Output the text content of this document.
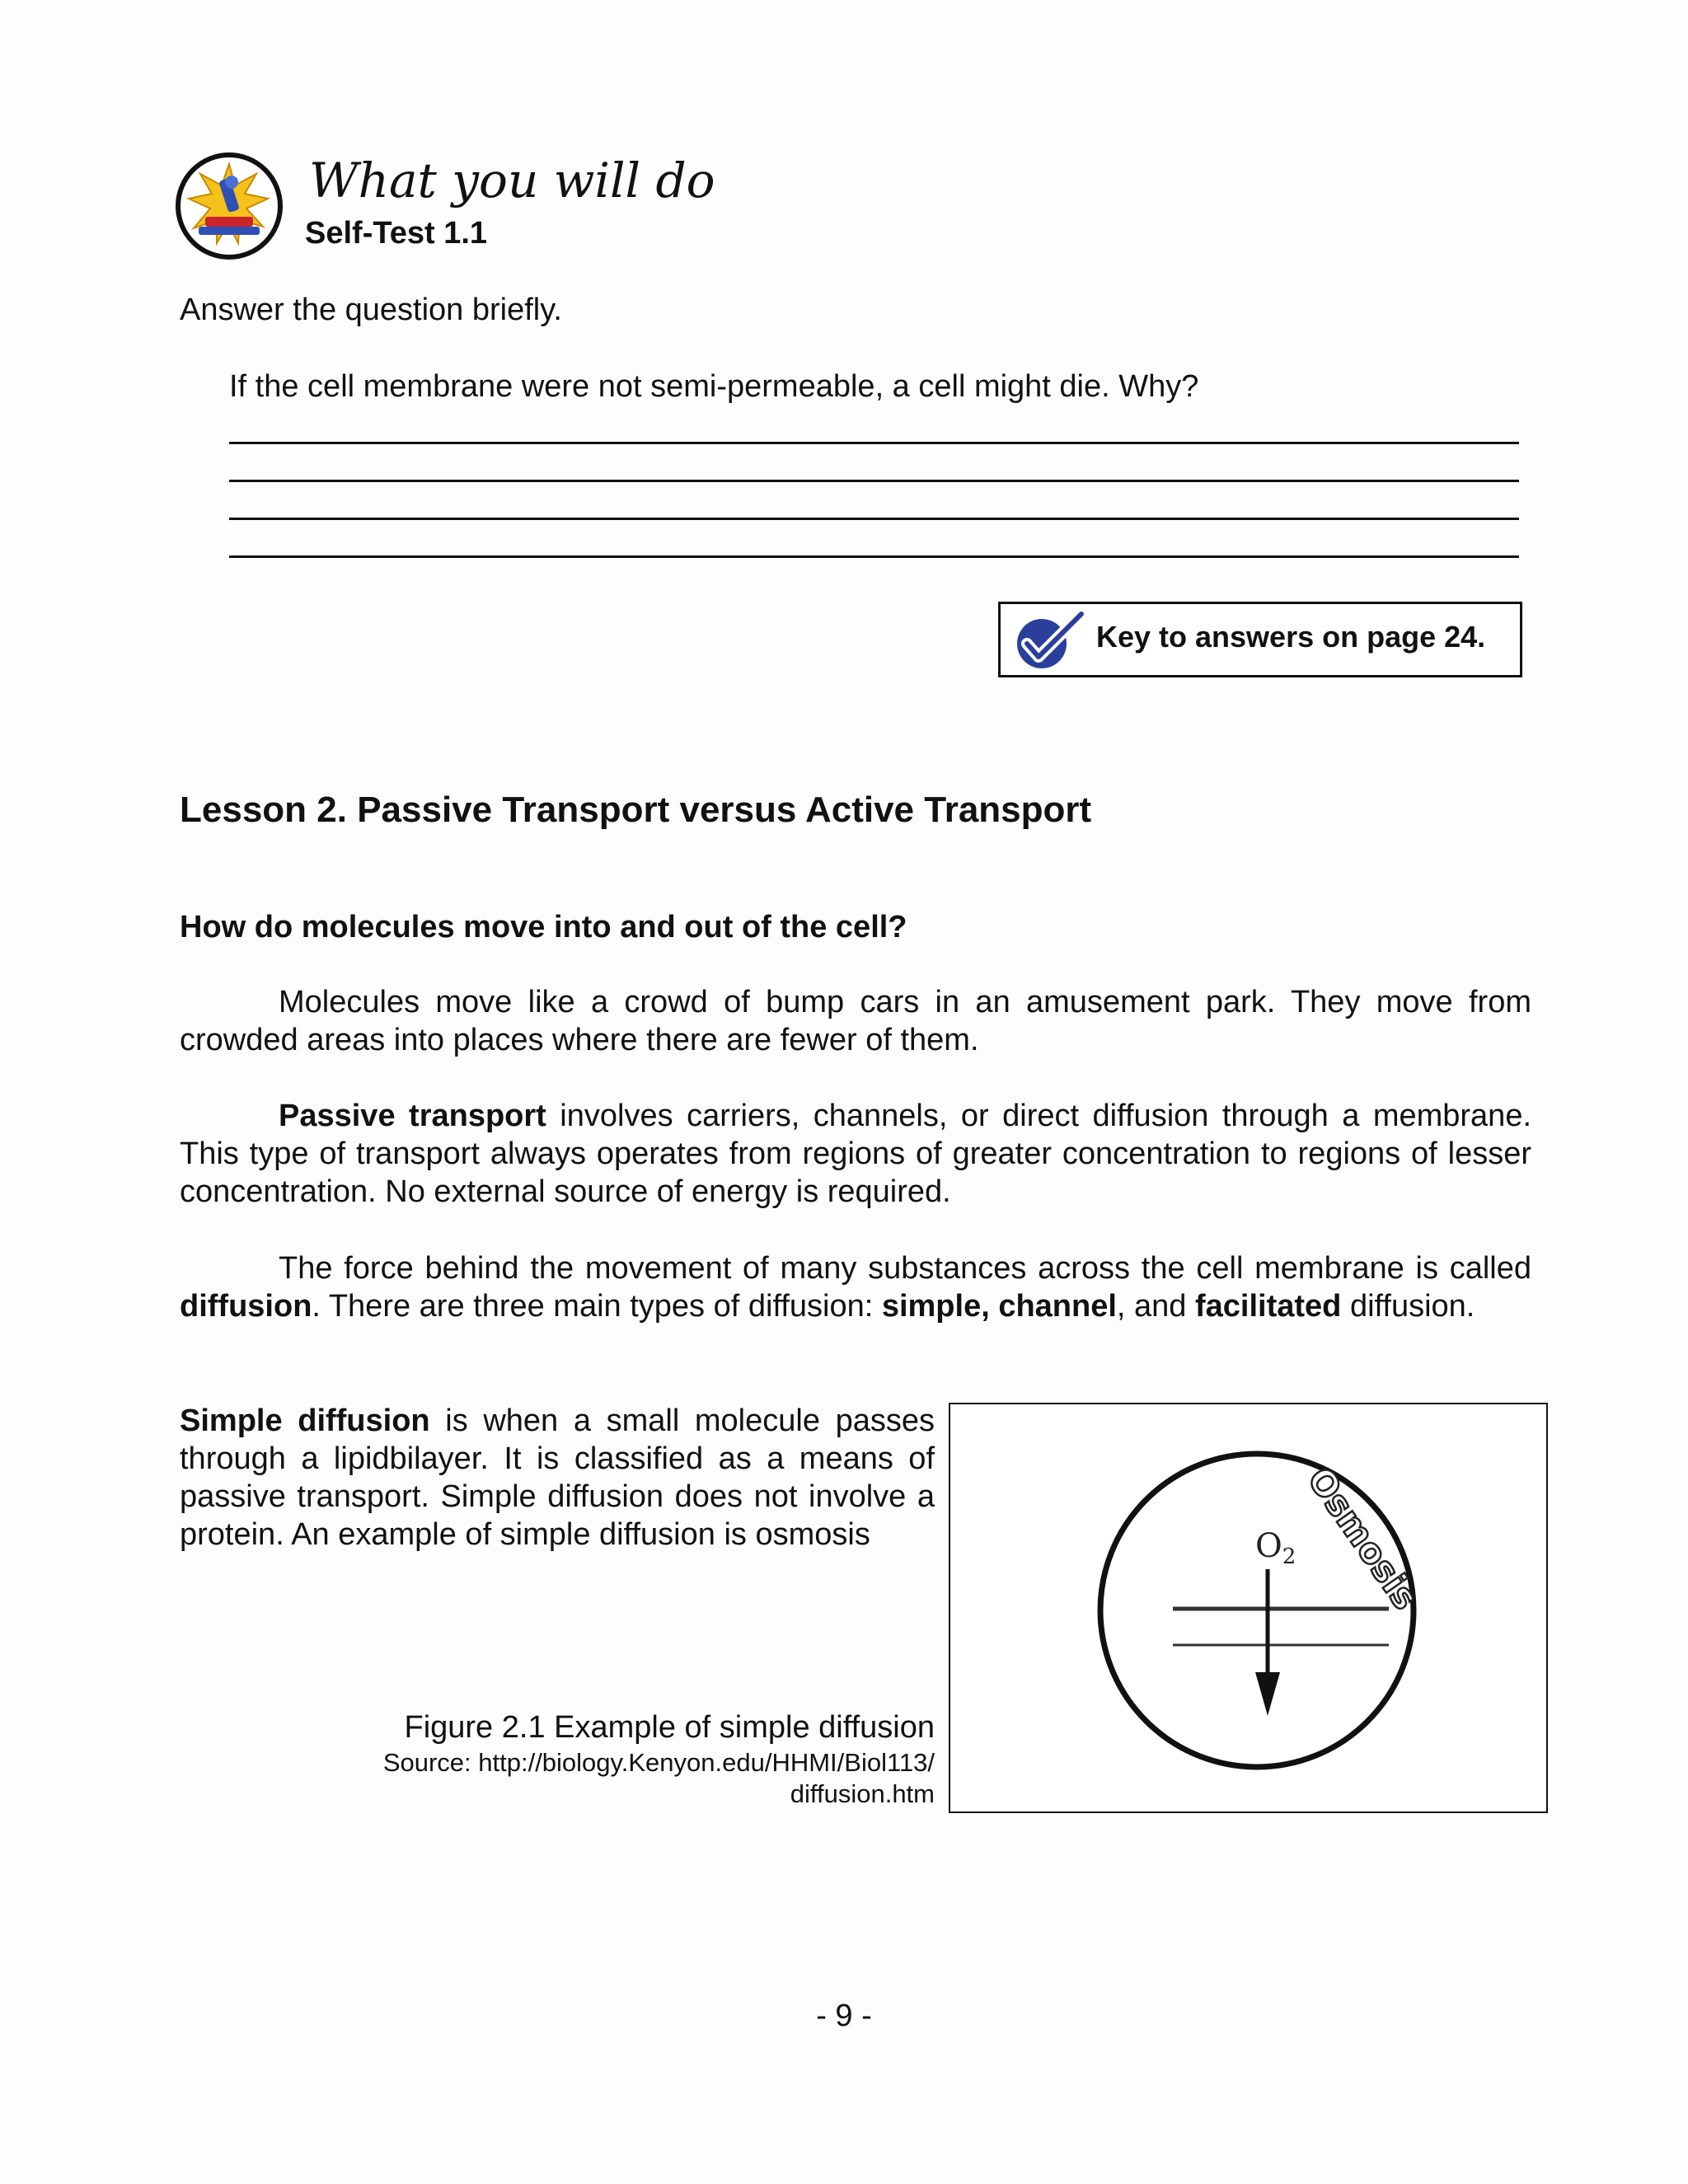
What you will do
Self-Test 1.1
Answer the question briefly.
If the cell membrane were not semi-permeable, a cell might die. Why?
Key to answers on page 24.
Lesson 2. Passive Transport versus Active Transport
How do molecules move into and out of the cell?
Molecules move like a crowd of bump cars in an amusement park. They move from crowded areas into places where there are fewer of them.
Passive transport involves carriers, channels, or direct diffusion through a membrane. This type of transport always operates from regions of greater concentration to regions of lesser concentration. No external source of energy is required.
The force behind the movement of many substances across the cell membrane is called diffusion. There are three main types of diffusion: simple, channel, and facilitated diffusion.
Simple diffusion is when a small molecule passes through a lipidbilayer. It is classified as a means of passive transport. Simple diffusion does not involve a protein. An example of simple diffusion is osmosis
Figure 2.1 Example of simple diffusion
Source: http://biology.Kenyon.edu/HHMI/Biol113/ diffusion.htm
$O_2$ Osmosis
- 9 -
